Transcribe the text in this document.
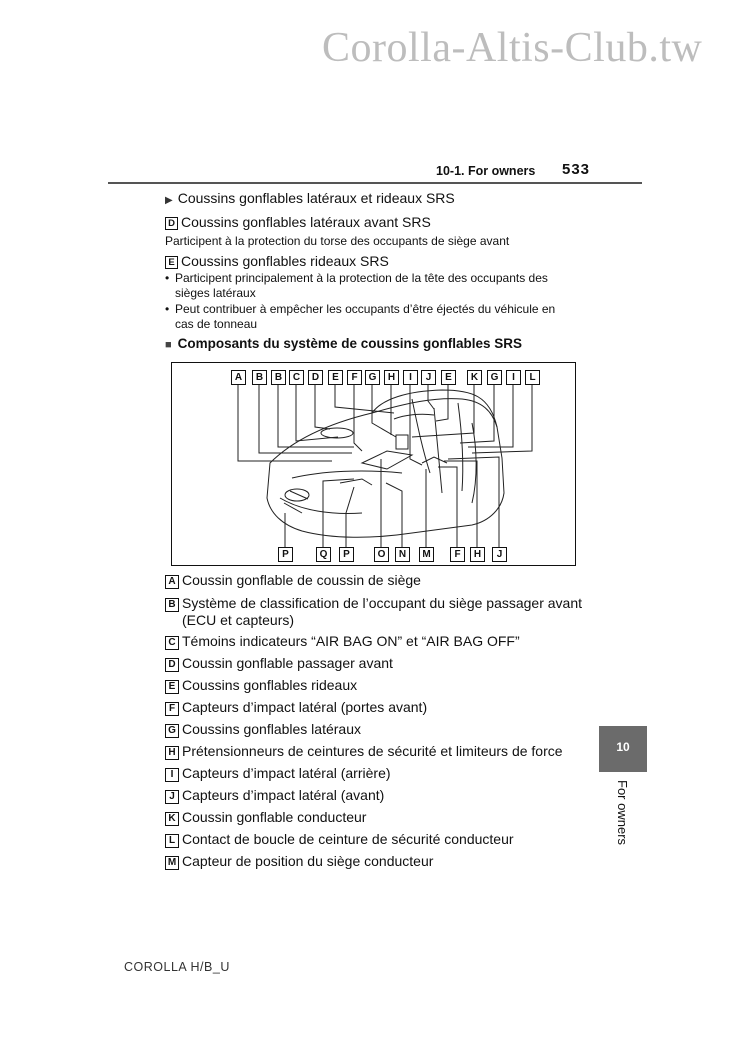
Corolla-Altis-Club.tw
10-1. For owners 533
▶ Coussins gonflables latéraux et rideaux SRS
D Coussins gonflables latéraux avant SRS
Participent à la protection du torse des occupants de siège avant
E Coussins gonflables rideaux SRS
• Participent principalement à la protection de la tête des occupants des
sièges latéraux
• Peut contribuer à empêcher les occupants d’être éjectés du véhicule en
cas de tonneau
■ Composants du système de coussins gonflables SRS
A	B	B	C	D	E	F	G	H	I	J	E	K	G	I	L
P	Q	P	O	N	M	F	H	J
A Coussin gonflable de coussin de siège
B Système de classification de l’occupant du siège passager avant
(ECU et capteurs)
C Témoins indicateurs “AIR BAG ON” et “AIR BAG OFF”
D Coussin gonflable passager avant
E Coussins gonflables rideaux
F Capteurs d’impact latéral (portes avant)
G Coussins gonflables latéraux
H Prétensionneurs de ceintures de sécurité et limiteurs de force
I Capteurs d’impact latéral (arrière)
J Capteurs d’impact latéral (avant)
K Coussin gonflable conducteur
L Contact de boucle de ceinture de sécurité conducteur
M Capteur de position du siège conducteur
10
For owners
COROLLA H/B_U
